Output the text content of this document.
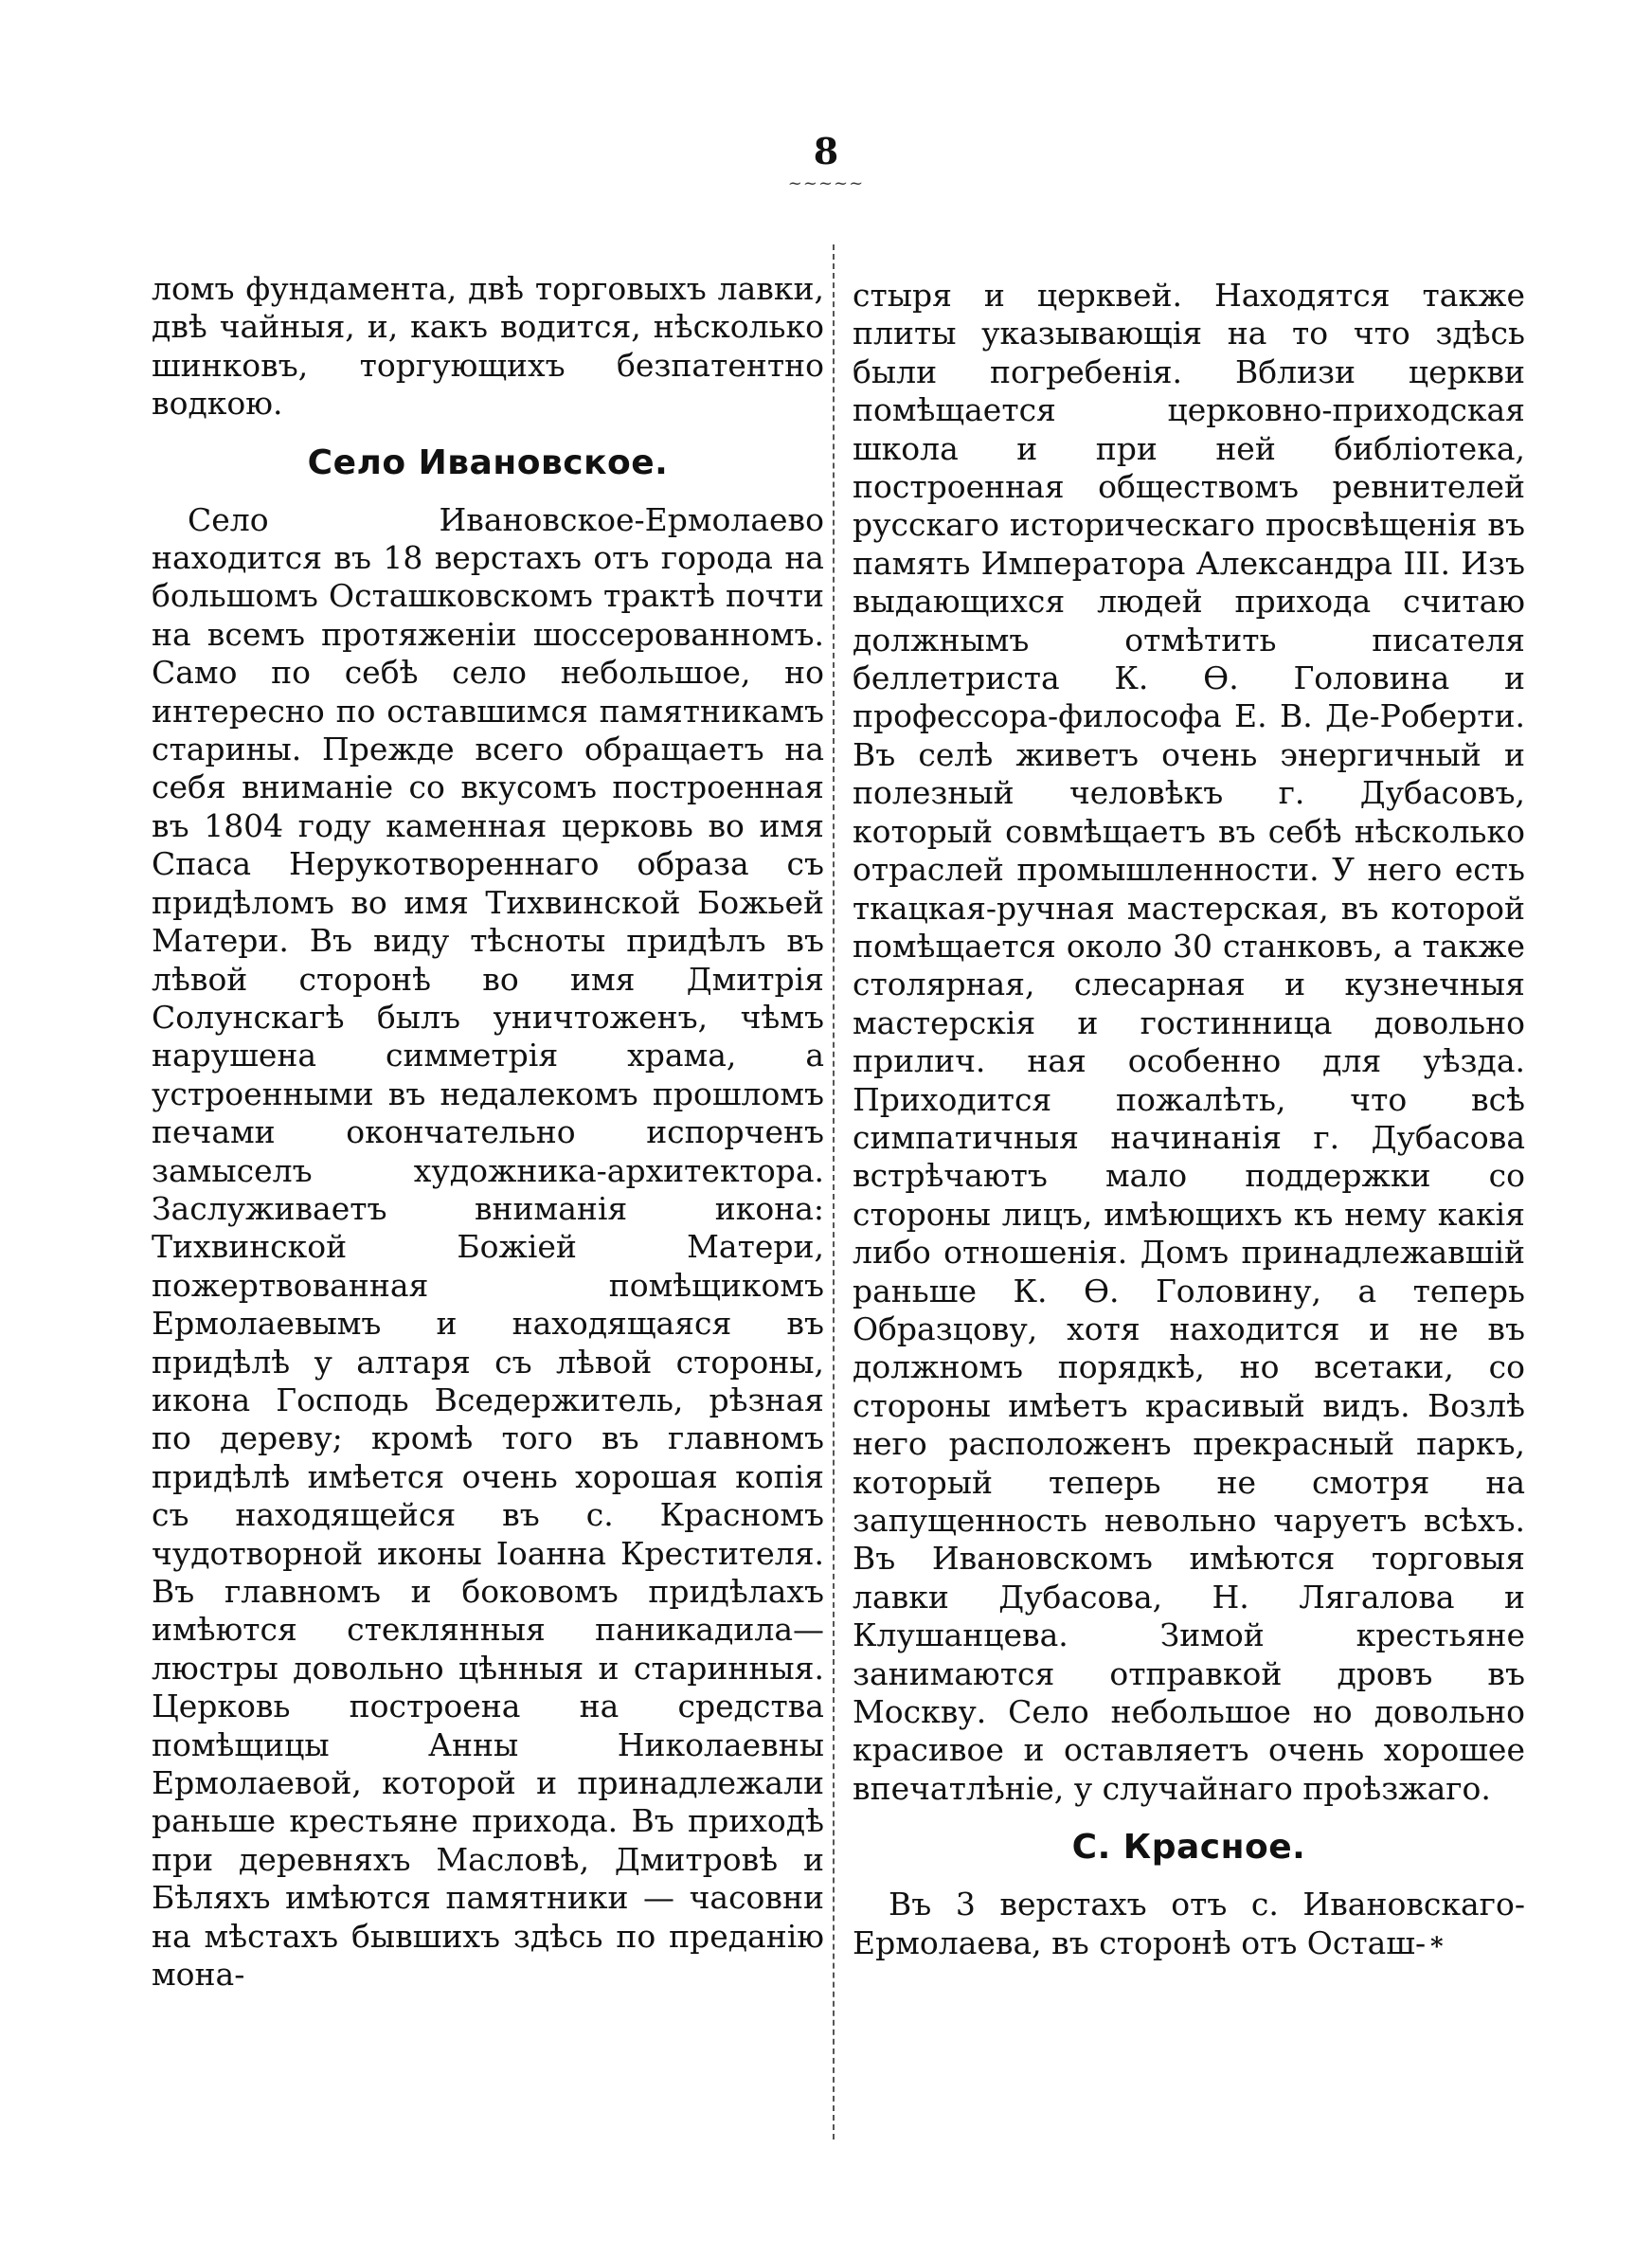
8
~~~~~

ломъ фундамента, двѣ торговыхъ лавки, двѣ чайныя, и, какъ водится, нѣсколько шинковъ, торгующихъ безпатентно водкою.

Село Ивановское.

Село Ивановское-Ермолаево находится въ 18 верстахъ отъ города на большомъ Осташковскомъ трактѣ почти на всемъ протяженіи шоссерованномъ. Само по себѣ село небольшое, но интересно по оставшимся памятникамъ старины. Прежде всего обращаетъ на себя вниманіе со вкусомъ построенная въ 1804 году каменная церковь во имя Спаса Нерукотвореннаго образа съ придѣломъ во имя Тихвинской Божьей Матери. Въ виду тѣсноты придѣлъ въ лѣвой сторонѣ во имя Дмитрія Солунскагѣ былъ уничтоженъ, чѣмъ нарушена симметрія храма, а устроенными въ недалекомъ прошломъ печами окончательно испорченъ замыселъ художника-архитектора. Заслуживаетъ вниманія икона: Тихвинской Божіей Матери, пожертвованная помѣщикомъ Ермолаевымъ и находящаяся въ придѣлѣ у алтаря съ лѣвой стороны, икона Господь Вседержитель, рѣзная по дереву; кромѣ того въ главномъ придѣлѣ имѣется очень хорошая копія съ находящейся въ с. Красномъ чудотворной иконы Іоанна Крестителя. Въ главномъ и боковомъ придѣлахъ имѣются стеклянныя паникадила—люстры довольно цѣнныя и старинныя. Церковь построена на средства помѣщицы Анны Николаевны Ермолаевой, которой и принадлежали раньше крестьяне прихода. Въ приходѣ при деревняхъ Масловѣ, Дмитровѣ и Бѣляхъ имѣются памятники — часовни на мѣстахъ бывшихъ здѣсь по преданію мона-

стыря и церквей. Находятся также плиты указывающія на то что здѣсь были погребенія. Вблизи церкви помѣщается церковно-приходская школа и при ней библіотека, построенная обществомъ ревнителей русскаго историческаго просвѣщенія въ память Императора Александра III. Изъ выдающихся людей прихода считаю должнымъ отмѣтить писателя беллетриста К. Ѳ. Головина и профессора-философа Е. В. Де-Роберти. Въ селѣ живетъ очень энергичный и полезный человѣкъ г. Дубасовъ, который совмѣщаетъ въ себѣ нѣсколько отраслей промышленности. У него есть ткацкая-ручная мастерская, въ которой помѣщается около 30 станковъ, а также столярная, слесарная и кузнечныя мастерскія и гостинница довольно прилич. ная особенно для уѣзда. Приходится пожалѣть, что всѣ симпатичныя начинанія г. Дубасова встрѣчаютъ мало поддержки со стороны лицъ, имѣющихъ къ нему какія либо отношенія. Домъ принадлежавшій раньше К. Ѳ. Головину, а теперь Образцову, хотя находится и не въ должномъ порядкѣ, но всетаки, со стороны имѣетъ красивый видъ. Возлѣ него расположенъ прекрасный паркъ, который теперь не смотря на запущенность невольно чаруетъ всѣхъ. Въ Ивановскомъ имѣются торговыя лавки Дубасова, Н. Лягалова и Клушанцева. Зимой крестьяне занимаются отправкой дровъ въ Москву. Село небольшое но довольно красивое и оставляетъ очень хорошее впечатлѣніе, у случайнаго проѣзжаго.

С. Красное.

Въ 3 верстахъ отъ с. Ивановскаго-Ермолаева, въ сторонѣ отъ Осташ- *
